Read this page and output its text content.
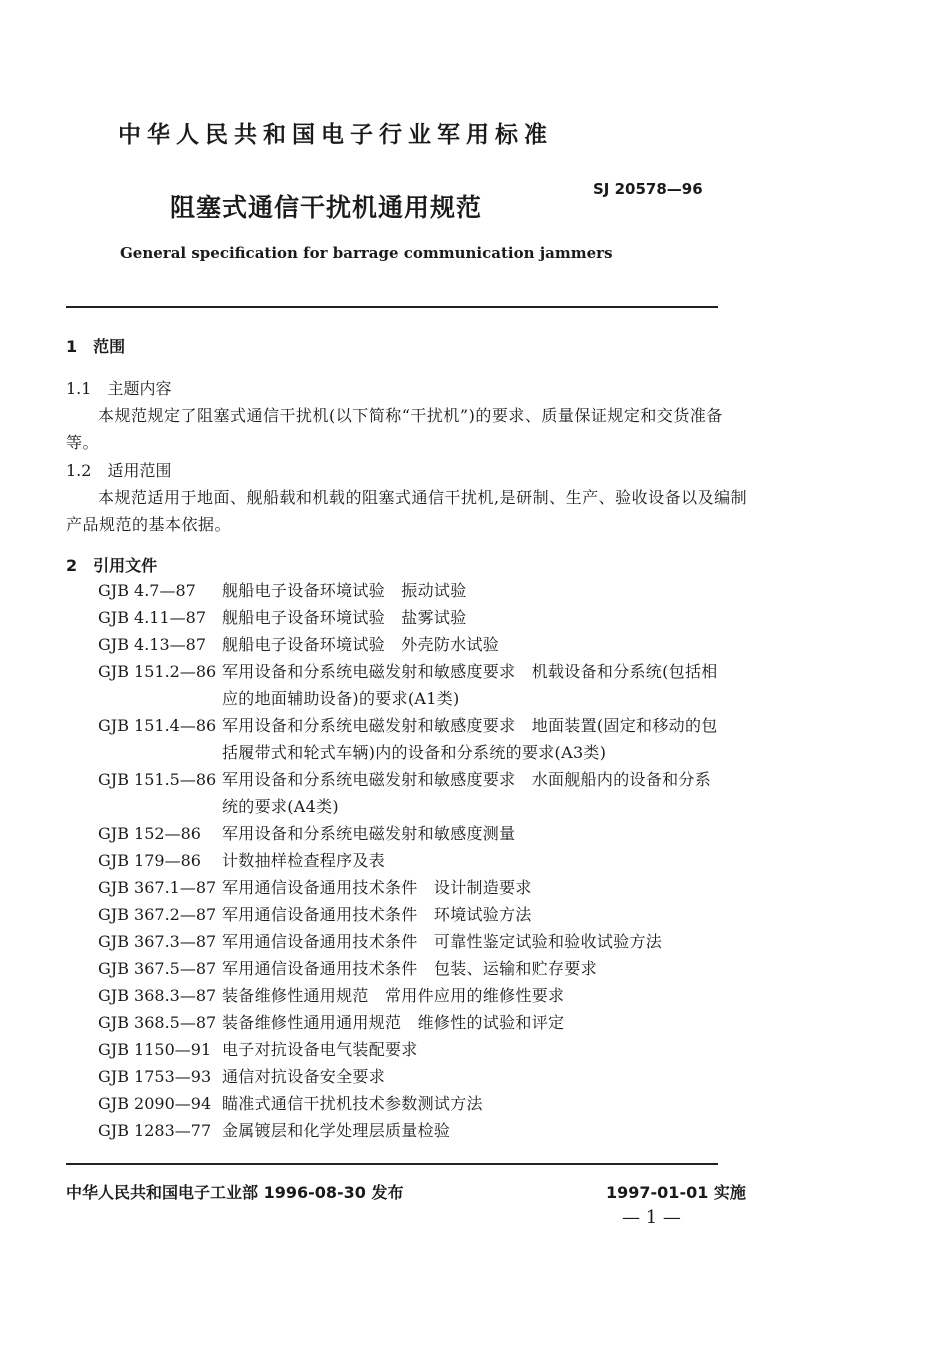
中华人民共和国电子行业军用标准
阻塞式通信干扰机通用规范
SJ 20578—96
General specification for barrage communication jammers
1　范围
1.1　主题内容
本规范规定了阻塞式通信干扰机(以下简称“干扰机”)的要求、质量保证规定和交货准备
等。
1.2　适用范围
本规范适用于地面、舰船载和机载的阻塞式通信干扰机,是研制、生产、验收设备以及编制
产品规范的基本依据。
2　引用文件
GJB 4.7—87	舰船电子设备环境试验　振动试验
GJB 4.11—87 舰船电子设备环境试验　盐雾试验
GJB 4.13—87 舰船电子设备环境试验　外壳防水试验
GJB 151.2—86 军用设备和分系统电磁发射和敏感度要求　机载设备和分系统(包括相应的地面辅助设备)的要求(A1类)
GJB 151.4—86 军用设备和分系统电磁发射和敏感度要求　地面装置(固定和移动的包括履带式和轮式车辆)内的设备和分系统的要求(A3类)
GJB 151.5—86 军用设备和分系统电磁发射和敏感度要求　水面舰船内的设备和分系统的要求(A4类)
GJB 152—86	军用设备和分系统电磁发射和敏感度测量
GJB 179—86	计数抽样检查程序及表
GJB 367.1—87 军用通信设备通用技术条件　设计制造要求
GJB 367.2—87 军用通信设备通用技术条件　环境试验方法
GJB 367.3—87 军用通信设备通用技术条件　可靠性鉴定试验和验收试验方法
GJB 367.5—87 军用通信设备通用技术条件　包装、运输和贮存要求
GJB 368.3—87 装备维修性通用规范　常用件应用的维修性要求
GJB 368.5—87 装备维修性通用通用规范　维修性的试验和评定
GJB 1150—91 电子对抗设备电气装配要求
GJB 1753—93 通信对抗设备安全要求
GJB 2090—94 瞄准式通信干扰机技术参数测试方法
GJB 1283—77 金属镀层和化学处理层质量检验
中华人民共和国电子工业部 1996-08-30 发布	1997-01-01 实施
— 1 —
